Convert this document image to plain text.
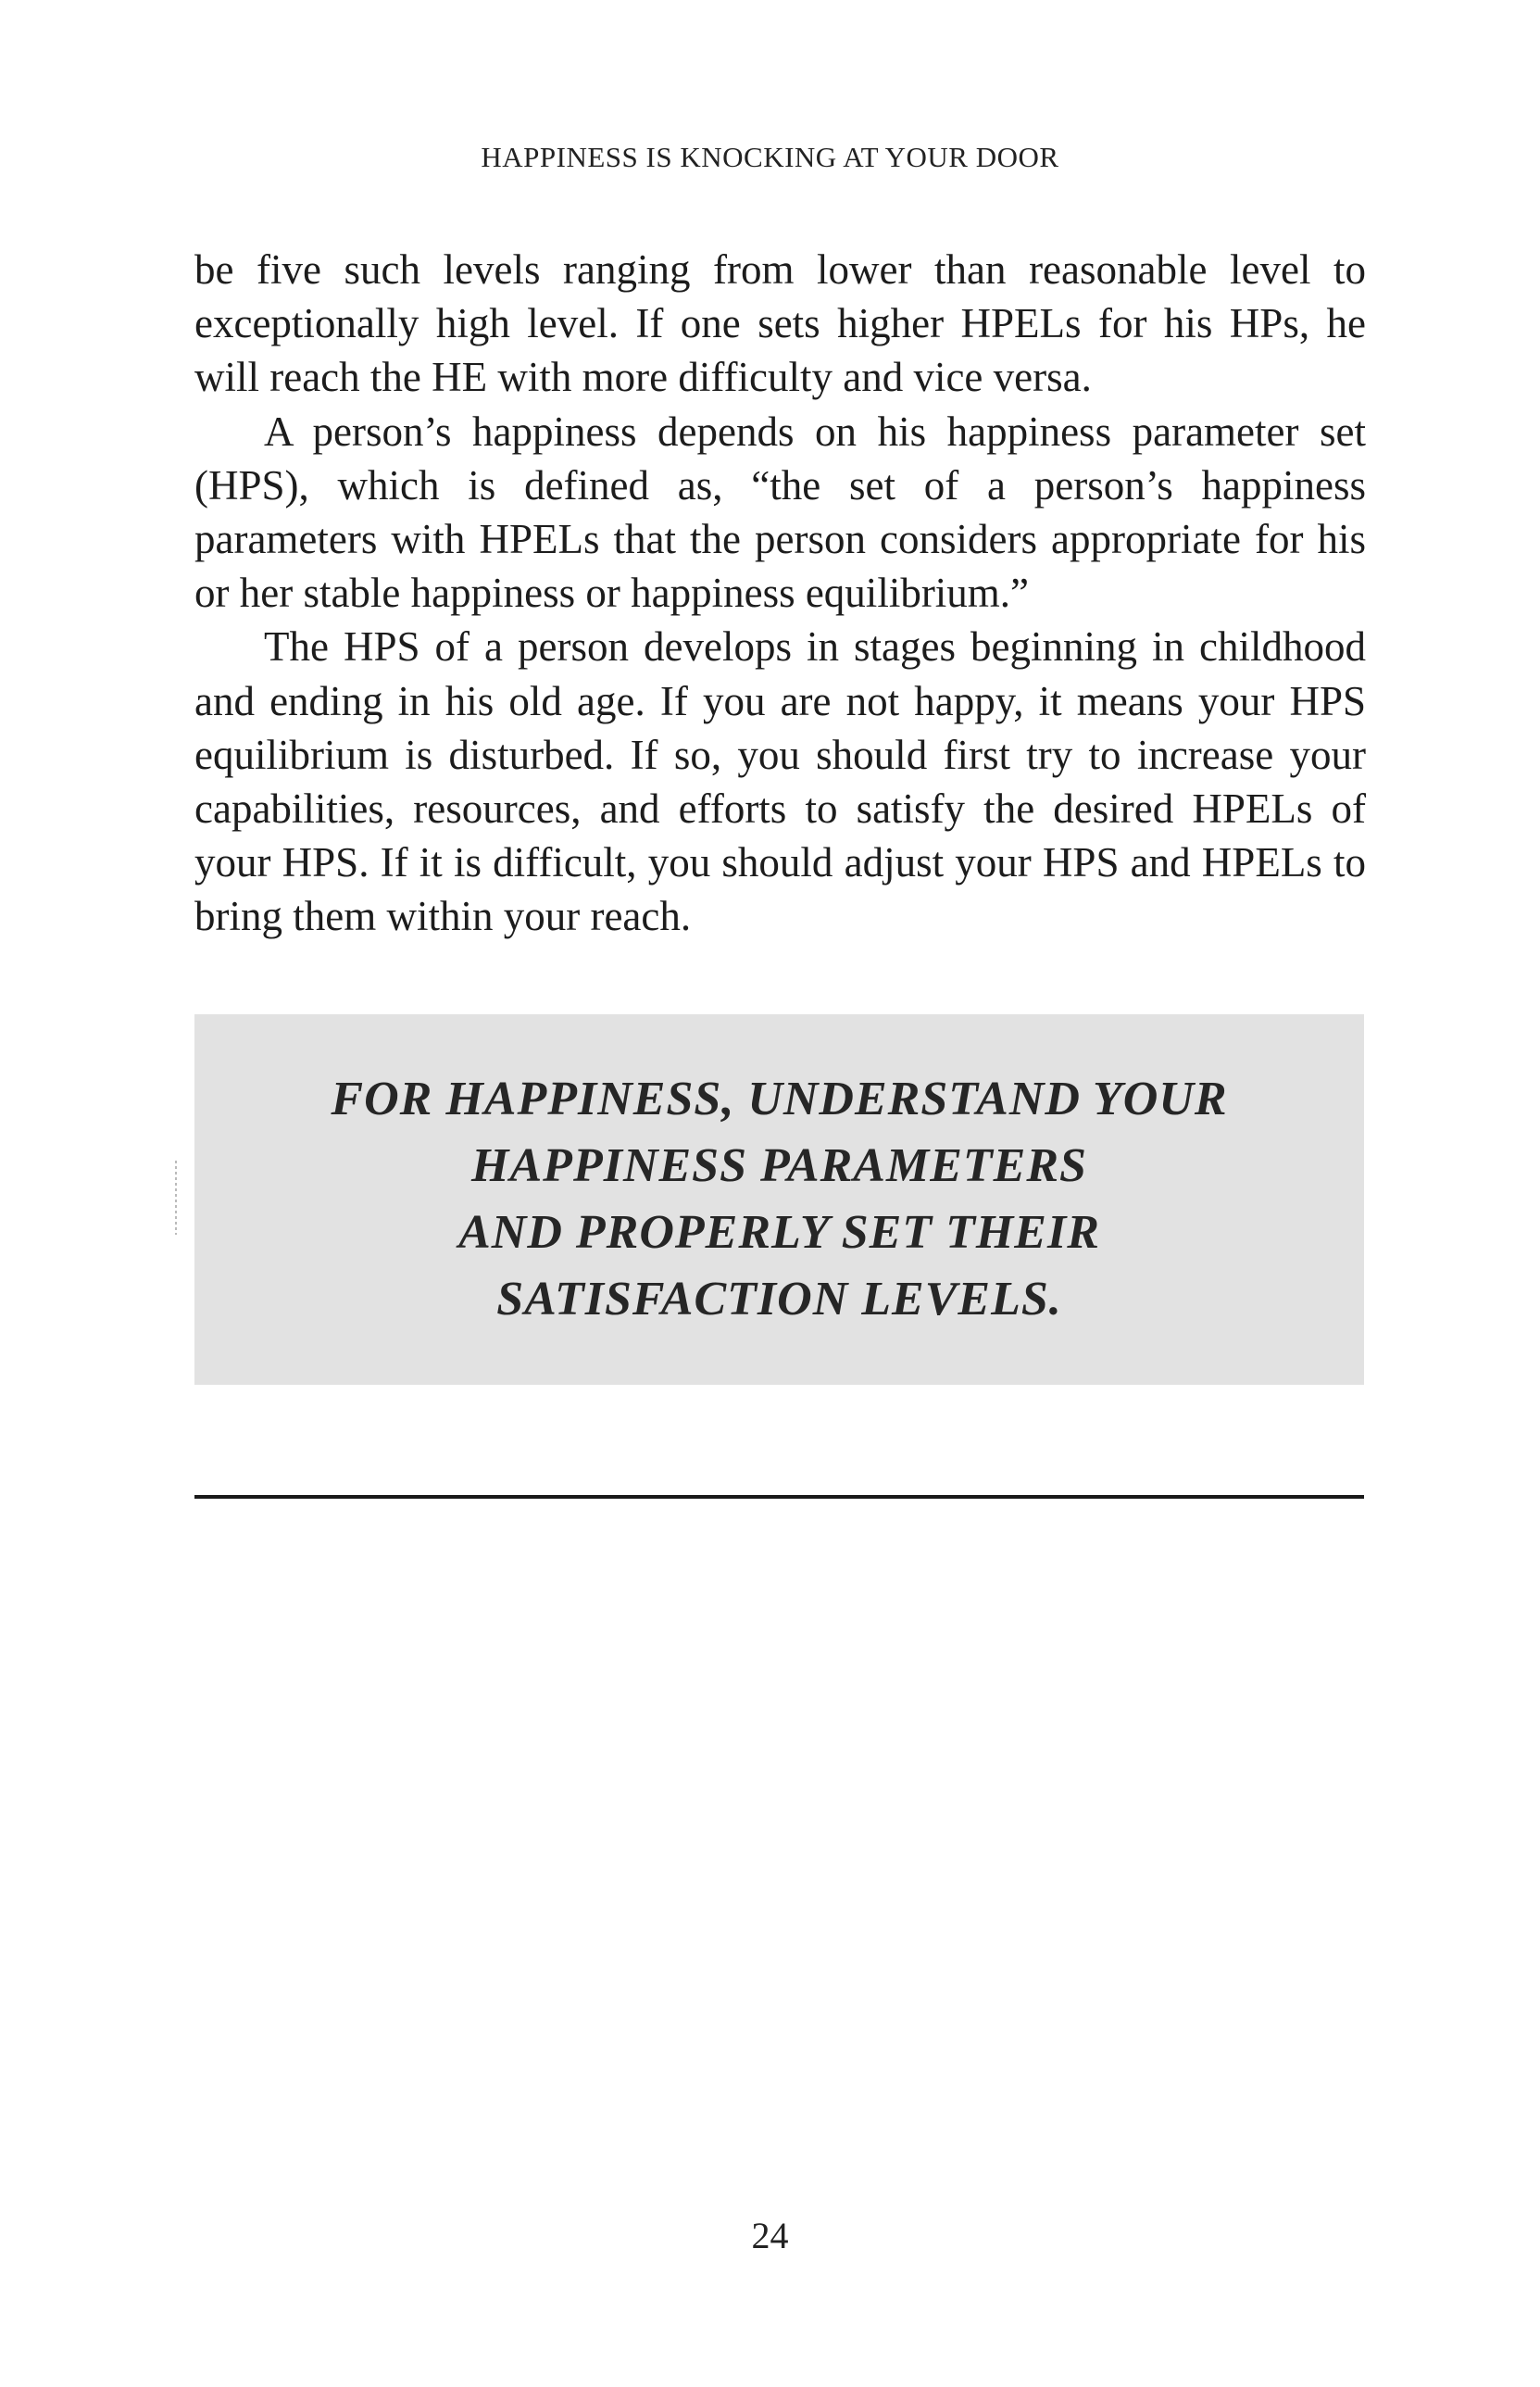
HAPPINESS IS KNOCKING AT YOUR DOOR

be five such levels ranging from lower than reasonable level to exceptionally high level. If one sets higher HPELs for his HPs, he will reach the HE with more difficulty and vice versa.

A person’s happiness depends on his happiness parameter set (HPS), which is defined as, “the set of a person’s happiness parameters with HPELs that the person considers appropriate for his or her stable happiness or happiness equilibrium.”

The HPS of a person develops in stages beginning in childhood and ending in his old age. If you are not happy, it means your HPS equilibrium is disturbed. If so, you should first try to increase your capabilities, resources, and efforts to satisfy the desired HPELs of your HPS. If it is difficult, you should adjust your HPS and HPELs to bring them within your reach.

FOR HAPPINESS, UNDERSTAND YOUR
HAPPINESS PARAMETERS
AND PROPERLY SET THEIR
SATISFACTION LEVELS.
24
